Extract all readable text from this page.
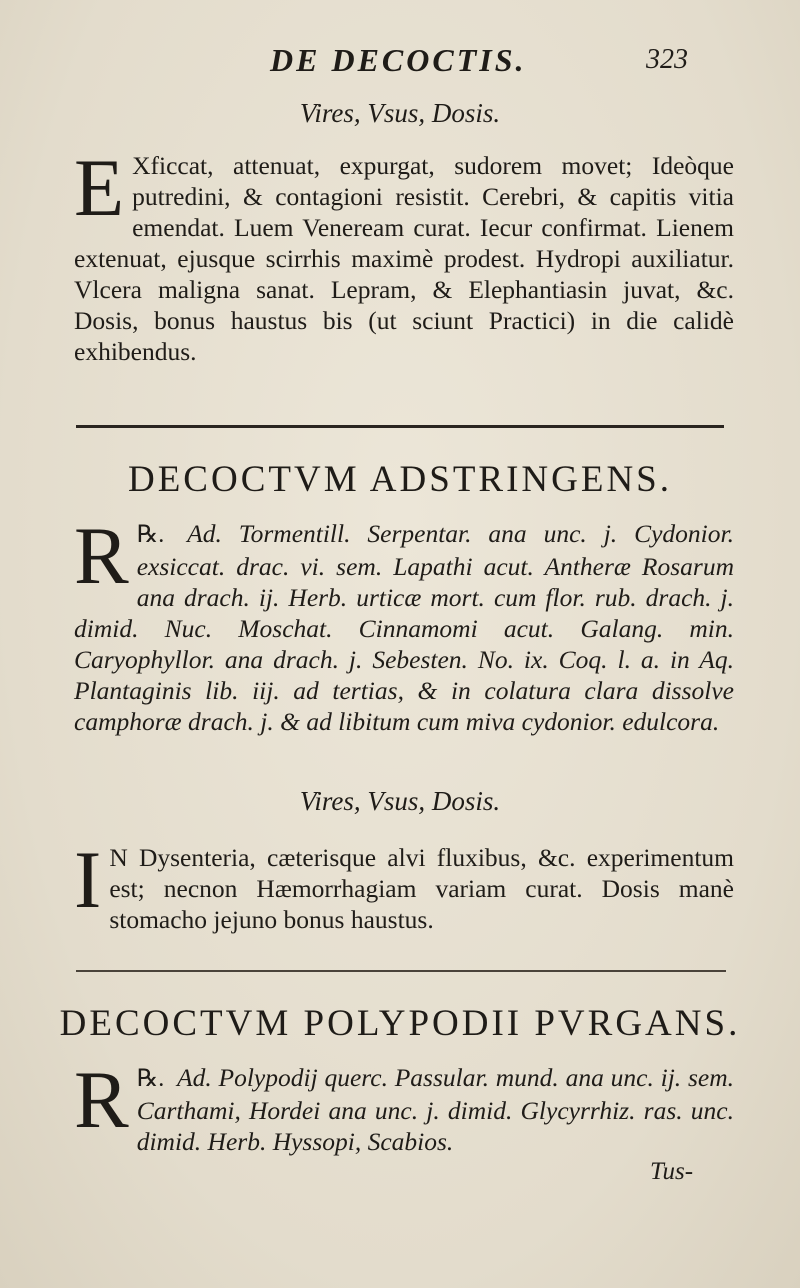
DE DECOCTIS.	323
Vires, Vsus, Dosis.
E Xficcat, attenuat, expurgat, sudorem movet; Ideòque putredini, & contagioni resistit. Cerebri, & capitis vitia emendat. Luem Veneream curat. Iecur confirmat. Lienem extenuat, ejusque scirrhis maximè prodest. Hydropi auxiliatur. Vlcera maligna sanat. Lepram, & Elephantiasin juvat, &c. Dosis, bonus haustus bis (ut sciunt Practici) in die calidè exhibendus.
DECOCTVM ADSTRINGENS.
℞.
R Ad. Tormentill. Serpentar. ana unc. j. Cydonior. exsiccat. drac. vi. sem. Lapathi acut. Antheræ Rosarum ana drach. ij. Herb. urticæ mort. cum flor. rub. drach. j. dimid. Nuc. Moschat. Cinnamomi acut. Galang. min. Caryophyllor. ana drach. j. Sebesten. No. ix. Coq. l. a. in Aq. Plantaginis lib. iij. ad tertias, & in colatura clara dissolve camphoræ drach. j. & ad libitum cum miva cydonior. edulcora.
Vires, Vsus, Dosis.
I N Dysenteria, cæterisque alvi fluxibus, &c. experimentum est; necnon Hæmorrhagiam variam curat. Dosis manè stomacho jejuno bonus haustus.
DECOCTVM POLYPODII PVRGANS.
℞.
R Ad. Polypodij querc. Passular. mund. ana unc. ij. sem. Carthami, Hordei ana unc. j. dimid. Glycyrrhiz. ras. unc. dimid. Herb. Hyssopi, Scabios.
Tus-
